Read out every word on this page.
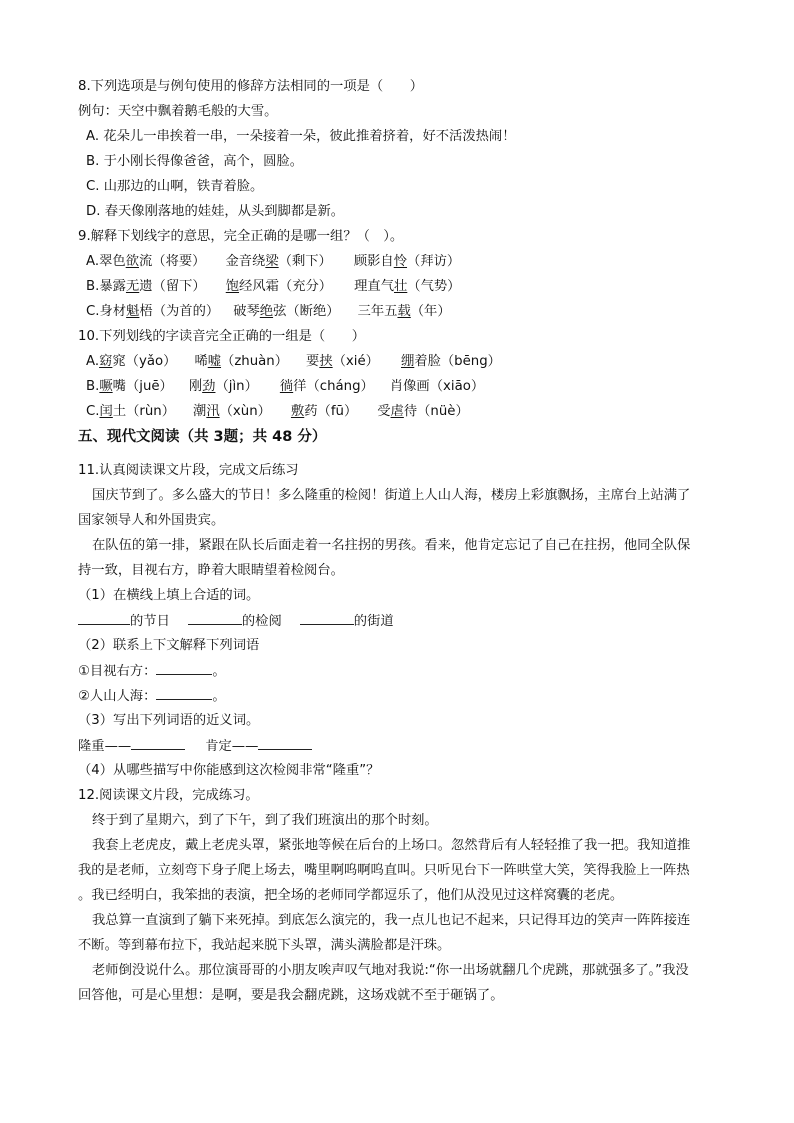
8.下列选项是与例句使用的修辞方法相同的一项是（　　）
例句：天空中飘着鹅毛般的大雪。
A. 花朵儿一串挨着一串，一朵接着一朵，彼此推着挤着，好不活泼热闹！
B. 于小刚长得像爸爸，高个，圆脸。
C. 山那边的山啊，铁青着脸。
D. 春天像刚落地的娃娃，从头到脚都是新。
9.解释下划线字的意思，完全正确的是哪一组？（　）。
A.翠色欲流（将要） 金音绕梁（剩下） 顾影自怜（拜访）
B.暴露无遗（留下） 饱经风霜（充分） 理直气壮（气势）
C.身材魁梧（为首的） 破琴绝弦（断绝） 三年五载（年）
10.下列划线的字读音完全正确的一组是（　　）
A.窈窕（yǎo） 唏嘘（zhuàn） 要挟（xié） 绷着脸（bēng）
B.噘嘴（juē） 刚劲（jìn） 徜徉（cháng） 肖像画（xiāo）
C.闰土（rùn） 潮汛（xùn） 敷药（fū） 受虐待（nüè）
五、现代文阅读（共 3题；共 48 分）
11.认真阅读课文片段，完成文后练习
国庆节到了。多么盛大的节日！多么隆重的检阅！街道上人山人海，楼房上彩旗飘扬，主席台上站满了
国家领导人和外国贵宾。
在队伍的第一排，紧跟在队长后面走着一名拄拐的男孩。看来，他肯定忘记了自己在拄拐，他同全队保
持一致，目视右方，睁着大眼睛望着检阅台。
（1）在横线上填上合适的词。
的节日	的检阅	的街道
（2）联系上下文解释下列词语
①目视右方：	。
②人山人海：	。
（3）写出下列词语的近义词。
隆重——	肯定——
（4）从哪些描写中你能感到这次检阅非常“隆重”？
12.阅读课文片段，完成练习。
终于到了星期六，到了下午，到了我们班演出的那个时刻。
我套上老虎皮，戴上老虎头罩，紧张地等候在后台的上场口。忽然背后有人轻轻推了我一把。我知道推
我的是老师，立刻弯下身子爬上场去，嘴里啊呜啊呜直叫。只听见台下一阵哄堂大笑，笑得我脸上一阵热
。我已经明白，我笨拙的表演，把全场的老师同学都逗乐了，他们从没见过这样窝囊的老虎。
我总算一直演到了躺下来死掉。到底怎么演完的，我一点儿也记不起来，只记得耳边的笑声一阵阵接连
不断。等到幕布拉下，我站起来脱下头罩，满头满脸都是汗珠。
老师倒没说什么。那位演哥哥的小朋友唉声叹气地对我说:“你一出场就翻几个虎跳，那就强多了。”我没
回答他，可是心里想：是啊，要是我会翻虎跳，这场戏就不至于砸锅了。
